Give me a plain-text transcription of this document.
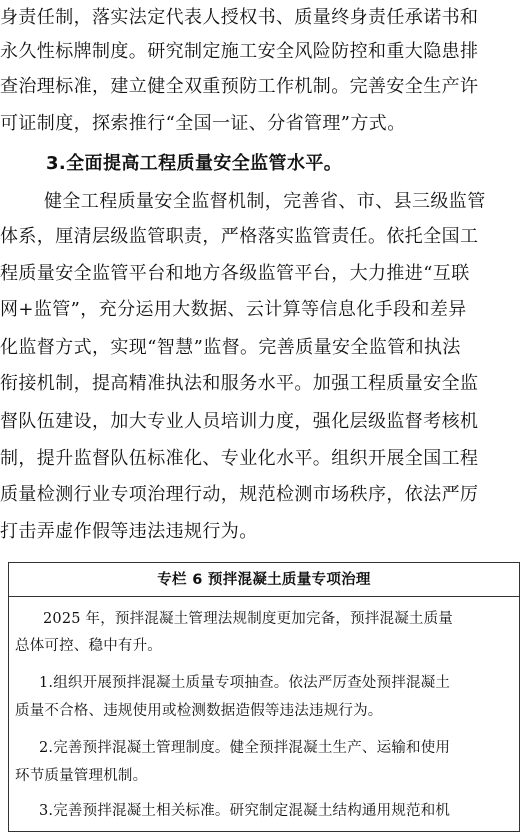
身责任制，落实法定代表人授权书、质量终身责任承诺书和
永久性标牌制度。研究制定施工安全风险防控和重大隐患排
查治理标准，建立健全双重预防工作机制。完善安全生产许
可证制度，探索推行“全国一证、分省管理”方式。
3.全面提高工程质量安全监管水平。
健全工程质量安全监督机制，完善省、市、县三级监管
体系，厘清层级监管职责，严格落实监管责任。依托全国工
程质量安全监管平台和地方各级监管平台，大力推进“互联
网+监管”，充分运用大数据、云计算等信息化手段和差异
化监督方式，实现“智慧”监督。完善质量安全监管和执法
衔接机制，提高精准执法和服务水平。加强工程质量安全监
督队伍建设，加大专业人员培训力度，强化层级监督考核机
制，提升监督队伍标准化、专业化水平。组织开展全国工程
质量检测行业专项治理行动，规范检测市场秩序，依法严厉
打击弄虚作假等违法违规行为。
专栏 6 预拌混凝土质量专项治理
2025 年，预拌混凝土管理法规制度更加完备，预拌混凝土质量
总体可控、稳中有升。
1.组织开展预拌混凝土质量专项抽查。依法严厉查处预拌混凝土
质量不合格、违规使用或检测数据造假等违法违规行为。
2.完善预拌混凝土管理制度。健全预拌混凝土生产、运输和使用
环节质量管理机制。
3.完善预拌混凝土相关标准。研究制定混凝土结构通用规范和机
